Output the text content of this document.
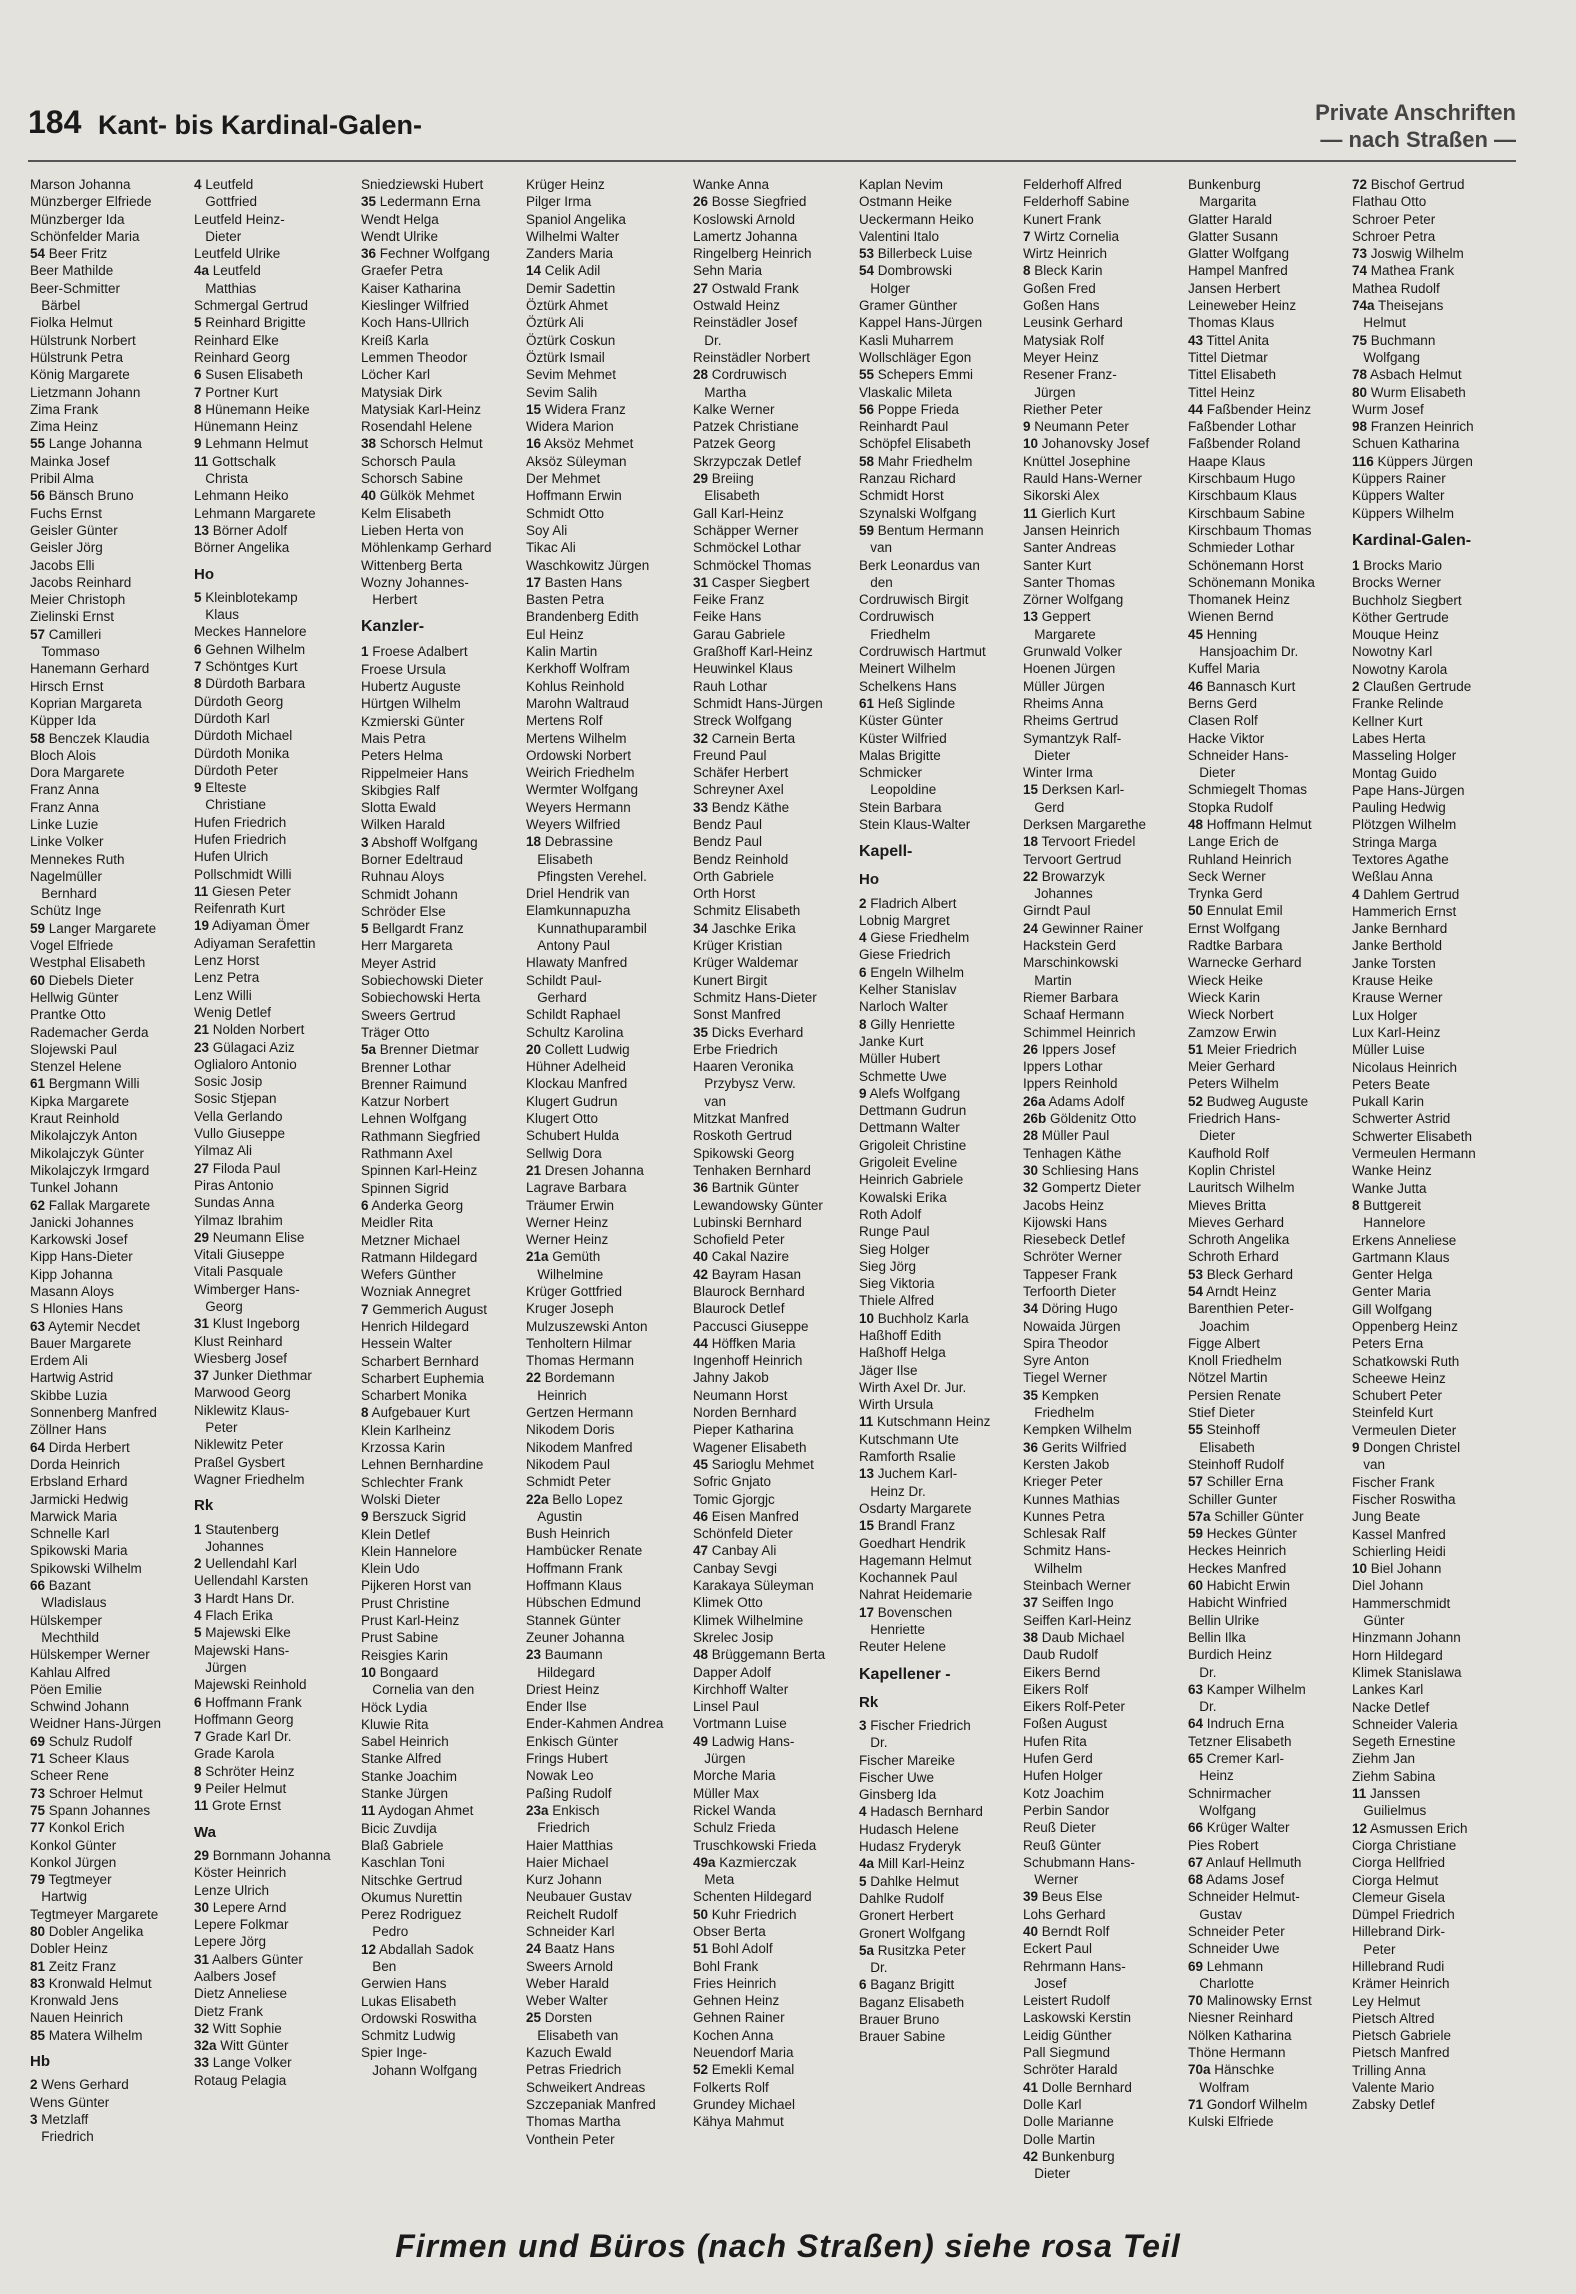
184 Kant- bis Kardinal-Galen-	Private Anschriften
— nach Straßen —
Marson Johanna
Münzberger Elfriede
Münzberger Ida
Schönfelder Maria
54 Beer Fritz
Beer Mathilde
Beer-Schmitter
Bärbel
Fiolka Helmut
Hülstrunk Norbert
Hülstrunk Petra
König Margarete
Lietzmann Johann
Zima Frank
Zima Heinz
55 Lange Johanna
Mainka Josef
Pribil Alma
56 Bänsch Bruno
Fuchs Ernst
Geisler Günter
Geisler Jörg
Jacobs Elli
Jacobs Reinhard
Meier Christoph
Zielinski Ernst
57 Camilleri
Tommaso
Hanemann Gerhard
Hirsch Ernst
Koprian Margareta
Küpper Ida
58 Benczek Klaudia
Bloch Alois
Dora Margarete
Franz Anna
Franz Anna
Linke Luzie
Linke Volker
Mennekes Ruth
Nagelmüller
Bernhard
Schütz Inge
59 Langer Margarete
Vogel Elfriede
Westphal Elisabeth
60 Diebels Dieter
Hellwig Günter
Prantke Otto
Rademacher Gerda
Slojewski Paul
Stenzel Helene
61 Bergmann Willi
Kipka Margarete
Kraut Reinhold
Mikolajczyk Anton
Mikolajczyk Günter
Mikolajczyk Irmgard
Tunkel Johann
62 Fallak Margarete
Janicki Johannes
Karkowski Josef
Kipp Hans-Dieter
Kipp Johanna
Masann Aloys
S Hlonies Hans
63 Aytemir Necdet
Bauer Margarete
Erdem Ali
Hartwig Astrid
Skibbe Luzia
Sonnenberg Manfred
Zöllner Hans
64 Dirda Herbert
Dorda Heinrich
Erbsland Erhard
Jarmicki Hedwig
Marwick Maria
Schnelle Karl
Spikowski Maria
Spikowski Wilhelm
66 Bazant
Wladislaus
Hülskemper
Mechthild
Hülskemper Werner
Kahlau Alfred
Pöen Emilie
Schwind Johann
Weidner Hans-Jürgen
69 Schulz Rudolf
71 Scheer Klaus
Scheer Rene
73 Schroer Helmut
75 Spann Johannes
77 Konkol Erich
Konkol Günter
Konkol Jürgen
79 Tegtmeyer
Hartwig
Tegtmeyer Margarete
80 Dobler Angelika
Dobler Heinz
81 Zeitz Franz
83 Kronwald Helmut
Kronwald Jens
Nauen Heinrich
85 Matera Wilhelm
Hb
2 Wens Gerhard
Wens Günter
3 Metzlaff
Friedrich
4 Leutfeld
Gottfried
Leutfeld Heinz-
Dieter
Leutfeld Ulrike
4a Leutfeld
Matthias
Schmergal Gertrud
5 Reinhard Brigitte
Reinhard Elke
Reinhard Georg
6 Susen Elisabeth
7 Portner Kurt
8 Hünemann Heike
Hünemann Heinz
9 Lehmann Helmut
11 Gottschalk
Christa
Lehmann Heiko
Lehmann Margarete
13 Börner Adolf
Börner Angelika
Ho
5 Kleinblotekamp
Klaus
Meckes Hannelore
6 Gehnen Wilhelm
7 Schöntges Kurt
8 Dürdoth Barbara
Dürdoth Georg
Dürdoth Karl
Dürdoth Michael
Dürdoth Monika
Dürdoth Peter
9 Elteste
Christiane
Hufen Friedrich
Hufen Friedrich
Hufen Ulrich
Pollschmidt Willi
11 Giesen Peter
Reifenrath Kurt
19 Adiyaman Ömer
Adiyaman Serafettin
Lenz Horst
Lenz Petra
Lenz Willi
Wenig Detlef
21 Nolden Norbert
23 Gülagaci Aziz
Oglialoro Antonio
Sosic Josip
Sosic Stjepan
Vella Gerlando
Vullo Giuseppe
Yilmaz Ali
27 Filoda Paul
Piras Antonio
Sundas Anna
Yilmaz Ibrahim
29 Neumann Elise
Vitali Giuseppe
Vitali Pasquale
Wimberger Hans-
Georg
31 Klust Ingeborg
Klust Reinhard
Wiesberg Josef
37 Junker Diethmar
Marwood Georg
Niklewitz Klaus-
Peter
Niklewitz Peter
Praßel Gysbert
Wagner Friedhelm
Rk
1 Stautenberg
Johannes
2 Uellendahl Karl
Uellendahl Karsten
3 Hardt Hans Dr.
4 Flach Erika
5 Majewski Elke
Majewski Hans-
Jürgen
Majewski Reinhold
6 Hoffmann Frank
Hoffmann Georg
7 Grade Karl Dr.
Grade Karola
8 Schröter Heinz
9 Peiler Helmut
11 Grote Ernst
Wa
29 Bornmann Johanna
Köster Heinrich
Lenze Ulrich
30 Lepere Arnd
Lepere Folkmar
Lepere Jörg
31 Aalbers Günter
Aalbers Josef
Dietz Anneliese
Dietz Frank
32 Witt Sophie
32a Witt Günter
33 Lange Volker
Rotaug Pelagia
Sniedziewski Hubert
35 Ledermann Erna
Wendt Helga
Wendt Ulrike
36 Fechner Wolfgang
Graefer Petra
Kaiser Katharina
Kieslinger Wilfried
Koch Hans-Ullrich
Kreiß Karla
Lemmen Theodor
Löcher Karl
Matysiak Dirk
Matysiak Karl-Heinz
Rosendahl Helene
38 Schorsch Helmut
Schorsch Paula
Schorsch Sabine
40 Gülkök Mehmet
Kelm Elisabeth
Lieben Herta von
Möhlenkamp Gerhard
Wittenberg Berta
Wozny Johannes-
Herbert
Kanzler-
1 Froese Adalbert
Froese Ursula
Hubertz Auguste
Hürtgen Wilhelm
Kzmierski Günter
Mais Petra
Peters Helma
Rippelmeier Hans
Skibgies Ralf
Slotta Ewald
Wilken Harald
3 Abshoff Wolfgang
Borner Edeltraud
Ruhnau Aloys
Schmidt Johann
Schröder Else
5 Bellgardt Franz
Herr Margareta
Meyer Astrid
Sobiechowski Dieter
Sobiechowski Herta
Sweers Gertrud
Träger Otto
5a Brenner Dietmar
Brenner Lothar
Brenner Raimund
Katzur Norbert
Lehnen Wolfgang
Rathmann Siegfried
Rathmann Axel
Spinnen Karl-Heinz
Spinnen Sigrid
6 Anderka Georg
Meidler Rita
Metzner Michael
Ratmann Hildegard
Wefers Günther
Wozniak Annegret
7 Gemmerich August
Henrich Hildegard
Hessein Walter
Scharbert Bernhard
Scharbert Euphemia
Scharbert Monika
8 Aufgebauer Kurt
Klein Karlheinz
Krzossa Karin
Lehnen Bernhardine
Schlechter Frank
Wolski Dieter
9 Berszuck Sigrid
Klein Detlef
Klein Hannelore
Klein Udo
Pijkeren Horst van
Prust Christine
Prust Karl-Heinz
Prust Sabine
Reisgies Karin
10 Bongaard
Cornelia van den
Höck Lydia
Kluwie Rita
Sabel Heinrich
Stanke Alfred
Stanke Joachim
Stanke Jürgen
11 Aydogan Ahmet
Bicic Zuvdija
Blaß Gabriele
Kaschlan Toni
Nitschke Gertrud
Okumus Nurettin
Perez Rodriguez
Pedro
12 Abdallah Sadok
Ben
Gerwien Hans
Lukas Elisabeth
Ordowski Roswitha
Schmitz Ludwig
Spier Inge-
Johann Wolfgang
Krüger Heinz
Pilger Irma
Spaniol Angelika
Wilhelmi Walter
Zanders Maria
14 Celik Adil
Demir Sadettin
Öztürk Ahmet
Öztürk Ali
Öztürk Coskun
Öztürk Ismail
Sevim Mehmet
Sevim Salih
15 Widera Franz
Widera Marion
16 Aksöz Mehmet
Aksöz Süleyman
Der Mehmet
Hoffmann Erwin
Schmidt Otto
Soy Ali
Tikac Ali
Waschkowitz Jürgen
17 Basten Hans
Basten Petra
Brandenberg Edith
Eul Heinz
Kalin Martin
Kerkhoff Wolfram
Kohlus Reinhold
Marohn Waltraud
Mertens Rolf
Mertens Wilhelm
Ordowski Norbert
Weirich Friedhelm
Wermter Wolfgang
Weyers Hermann
Weyers Wilfried
18 Debrassine
Elisabeth
Pfingsten Verehel.
Driel Hendrik van
Elamkunnapuzha
Kunnathuparambil
Antony Paul
Hlawaty Manfred
Schildt Paul-
Gerhard
Schildt Raphael
Schultz Karolina
20 Collett Ludwig
Hühner Adelheid
Klockau Manfred
Klugert Gudrun
Klugert Otto
Schubert Hulda
Sellwig Dora
21 Dresen Johanna
Lagrave Barbara
Träumer Erwin
Werner Heinz
Werner Heinz
21a Gemüth
Wilhelmine
Krüger Gottfried
Kruger Joseph
Mulzuszewski Anton
Tenholtern Hilmar
Thomas Hermann
22 Bordemann
Heinrich
Gertzen Hermann
Nikodem Doris
Nikodem Manfred
Nikodem Paul
Schmidt Peter
22a Bello Lopez
Agustin
Bush Heinrich
Hambücker Renate
Hoffmann Frank
Hoffmann Klaus
Hübschen Edmund
Stannek Günter
Zeuner Johanna
23 Baumann
Hildegard
Driest Heinz
Ender Ilse
Ender-Kahmen Andrea
Enkisch Günter
Frings Hubert
Nowak Leo
Paßing Rudolf
23a Enkisch
Friedrich
Haier Matthias
Haier Michael
Kurz Johann
Neubauer Gustav
Reichelt Rudolf
Schneider Karl
24 Baatz Hans
Sweers Arnold
Weber Harald
Weber Walter
25 Dorsten
Elisabeth van
Kazuch Ewald
Petras Friedrich
Schweikert Andreas
Szczepaniak Manfred
Thomas Martha
Vonthein Peter
Wanke Anna
26 Bosse Siegfried
Koslowski Arnold
Lamertz Johanna
Ringelberg Heinrich
Sehn Maria
27 Ostwald Frank
Ostwald Heinz
Reinstädler Josef
Dr.
Reinstädler Norbert
28 Cordruwisch
Martha
Kalke Werner
Patzek Christiane
Patzek Georg
Skrzypczak Detlef
29 Breiing
Elisabeth
Gall Karl-Heinz
Schäpper Werner
Schmöckel Lothar
Schmöckel Thomas
31 Casper Siegbert
Feike Franz
Feike Hans
Garau Gabriele
Graßhoff Karl-Heinz
Heuwinkel Klaus
Rauh Lothar
Schmidt Hans-Jürgen
Streck Wolfgang
32 Carnein Berta
Freund Paul
Schäfer Herbert
Schreyner Axel
33 Bendz Käthe
Bendz Paul
Bendz Paul
Bendz Reinhold
Orth Gabriele
Orth Horst
Schmitz Elisabeth
34 Jaschke Erika
Krüger Kristian
Krüger Waldemar
Kunert Birgit
Schmitz Hans-Dieter
Sonst Manfred
35 Dicks Everhard
Erbe Friedrich
Haaren Veronika
Przybysz Verw.
van
Mitzkat Manfred
Roskoth Gertrud
Spikowski Georg
Tenhaken Bernhard
36 Bartnik Günter
Lewandowsky Günter
Lubinski Bernhard
Schofield Peter
40 Cakal Nazire
42 Bayram Hasan
Blaurock Bernhard
Blaurock Detlef
Paccusci Giuseppe
44 Höffken Maria
Ingenhoff Heinrich
Jahny Jakob
Neumann Horst
Norden Bernhard
Pieper Katharina
Wagener Elisabeth
45 Sarioglu Mehmet
Sofric Gnjato
Tomic Gjorgjc
46 Eisen Manfred
Schönfeld Dieter
47 Canbay Ali
Canbay Sevgi
Karakaya Süleyman
Klimek Otto
Klimek Wilhelmine
Skrelec Josip
48 Brüggemann Berta
Dapper Adolf
Kirchhoff Walter
Linsel Paul
Vortmann Luise
49 Ladwig Hans-
Jürgen
Morche Maria
Müller Max
Rickel Wanda
Schulz Frieda
Truschkowski Frieda
49a Kazmierczak
Meta
Schenten Hildegard
50 Kuhr Friedrich
Obser Berta
51 Bohl Adolf
Bohl Frank
Fries Heinrich
Gehnen Heinz
Gehnen Rainer
Kochen Anna
Neuendorf Maria
52 Emekli Kemal
Folkerts Rolf
Grundey Michael
Kähya Mahmut
Kaplan Nevim
Ostmann Heike
Ueckermann Heiko
Valentini Italo
53 Billerbeck Luise
54 Dombrowski
Holger
Gramer Günther
Kappel Hans-Jürgen
Kasli Muharrem
Wollschläger Egon
55 Schepers Emmi
Vlaskalic Mileta
56 Poppe Frieda
Reinhardt Paul
Schöpfel Elisabeth
58 Mahr Friedhelm
Ranzau Richard
Schmidt Horst
Szynalski Wolfgang
59 Bentum Hermann
van
Berk Leonardus van
den
Cordruwisch Birgit
Cordruwisch
Friedhelm
Cordruwisch Hartmut
Meinert Wilhelm
Schelkens Hans
61 Heß Siglinde
Küster Günter
Küster Wilfried
Malas Brigitte
Schmicker
Leopoldine
Stein Barbara
Stein Klaus-Walter
Kapell-
Ho
2 Fladrich Albert
Lobnig Margret
4 Giese Friedhelm
Giese Friedrich
6 Engeln Wilhelm
Kelher Stanislav
Narloch Walter
8 Gilly Henriette
Janke Kurt
Müller Hubert
Schmette Uwe
9 Alefs Wolfgang
Dettmann Gudrun
Dettmann Walter
Grigoleit Christine
Grigoleit Eveline
Heinrich Gabriele
Kowalski Erika
Roth Adolf
Runge Paul
Sieg Holger
Sieg Jörg
Sieg Viktoria
Thiele Alfred
10 Buchholz Karla
Haßhoff Edith
Haßhoff Helga
Jäger Ilse
Wirth Axel Dr. Jur.
Wirth Ursula
11 Kutschmann Heinz
Kutschmann Ute
Ramforth Rsalie
13 Juchem Karl-
Heinz Dr.
Osdarty Margarete
15 Brandl Franz
Goedhart Hendrik
Hagemann Helmut
Kochannek Paul
Nahrat Heidemarie
17 Bovenschen
Henriette
Reuter Helene
Kapellener -
Rk
3 Fischer Friedrich
Dr.
Fischer Mareike
Fischer Uwe
Ginsberg Ida
4 Hadasch Bernhard
Hudasch Helene
Hudasz Fryderyk
4a Mill Karl-Heinz
5 Dahlke Helmut
Dahlke Rudolf
Gronert Herbert
Gronert Wolfgang
5a Rusitzka Peter
Dr.
6 Baganz Brigitt
Baganz Elisabeth
Brauer Bruno
Brauer Sabine
Felderhoff Alfred
Felderhoff Sabine
Kunert Frank
7 Wirtz Cornelia
Wirtz Heinrich
8 Bleck Karin
Goßen Fred
Goßen Hans
Leusink Gerhard
Matysiak Rolf
Meyer Heinz
Resener Franz-
Jürgen
Riether Peter
9 Neumann Peter
10 Johanovsky Josef
Knüttel Josephine
Rauld Hans-Werner
Sikorski Alex
11 Gierlich Kurt
Jansen Heinrich
Santer Andreas
Santer Kurt
Santer Thomas
Zörner Wolfgang
13 Geppert
Margarete
Grunwald Volker
Hoenen Jürgen
Müller Jürgen
Rheims Anna
Rheims Gertrud
Symantzyk Ralf-
Dieter
Winter Irma
15 Derksen Karl-
Gerd
Derksen Margarethe
18 Tervoort Friedel
Tervoort Gertrud
22 Browarzyk
Johannes
Girndt Paul
24 Gewinner Rainer
Hackstein Gerd
Marschinkowski
Martin
Riemer Barbara
Schaaf Hermann
Schimmel Heinrich
26 Ippers Josef
Ippers Lothar
Ippers Reinhold
26a Adams Adolf
26b Göldenitz Otto
28 Müller Paul
Tenhagen Käthe
30 Schliesing Hans
32 Gompertz Dieter
Jacobs Heinz
Kijowski Hans
Riesebeck Detlef
Schröter Werner
Tappeser Frank
Terfoorth Dieter
34 Döring Hugo
Nowaida Jürgen
Spira Theodor
Syre Anton
Tiegel Werner
35 Kempken
Friedhelm
Kempken Wilhelm
36 Gerits Wilfried
Kersten Jakob
Krieger Peter
Kunnes Mathias
Kunnes Petra
Schlesak Ralf
Schmitz Hans-
Wilhelm
Steinbach Werner
37 Seiffen Ingo
Seiffen Karl-Heinz
38 Daub Michael
Daub Rudolf
Eikers Bernd
Eikers Rolf
Eikers Rolf-Peter
Foßen August
Hufen Rita
Hufen Gerd
Hufen Holger
Kotz Joachim
Perbin Sandor
Reuß Dieter
Reuß Günter
Schubmann Hans-
Werner
39 Beus Else
Lohs Gerhard
40 Berndt Rolf
Eckert Paul
Rehrmann Hans-
Josef
Leistert Rudolf
Laskowski Kerstin
Leidig Günther
Pall Siegmund
Schröter Harald
41 Dolle Bernhard
Dolle Karl
Dolle Marianne
Dolle Martin
42 Bunkenburg
Dieter
Bunkenburg
Margarita
Glatter Harald
Glatter Susann
Glatter Wolfgang
Hampel Manfred
Jansen Herbert
Leineweber Heinz
Thomas Klaus
43 Tittel Anita
Tittel Dietmar
Tittel Elisabeth
Tittel Heinz
44 Faßbender Heinz
Faßbender Lothar
Faßbender Roland
Haape Klaus
Kirschbaum Hugo
Kirschbaum Klaus
Kirschbaum Sabine
Kirschbaum Thomas
Schmieder Lothar
Schönemann Horst
Schönemann Monika
Thomanek Heinz
Wienen Bernd
45 Henning
Hansjoachim Dr.
Kuffel Maria
46 Bannasch Kurt
Berns Gerd
Clasen Rolf
Hacke Viktor
Schneider Hans-
Dieter
Schmiegelt Thomas
Stopka Rudolf
48 Hoffmann Helmut
Lange Erich de
Ruhland Heinrich
Seck Werner
Trynka Gerd
50 Ennulat Emil
Ernst Wolfgang
Radtke Barbara
Warnecke Gerhard
Wieck Heike
Wieck Karin
Wieck Norbert
Zamzow Erwin
51 Meier Friedrich
Meier Gerhard
Peters Wilhelm
52 Budweg Auguste
Friedrich Hans-
Dieter
Kaufhold Rolf
Koplin Christel
Lauritsch Wilhelm
Mieves Britta
Mieves Gerhard
Schroth Angelika
Schroth Erhard
53 Bleck Gerhard
54 Arndt Heinz
Barenthien Peter-
Joachim
Figge Albert
Knoll Friedhelm
Nötzel Martin
Persien Renate
Stief Dieter
55 Steinhoff
Elisabeth
Steinhoff Rudolf
57 Schiller Erna
Schiller Gunter
57a Schiller Günter
59 Heckes Günter
Heckes Heinrich
Heckes Manfred
60 Habicht Erwin
Habicht Winfried
Bellin Ulrike
Bellin Ilka
Burdich Heinz
Dr.
63 Kamper Wilhelm
Dr.
64 Indruch Erna
Tetzner Elisabeth
65 Cremer Karl-
Heinz
Schnirmacher
Wolfgang
66 Krüger Walter
Pies Robert
67 Anlauf Hellmuth
68 Adams Josef
Schneider Helmut-
Gustav
Schneider Peter
Schneider Uwe
69 Lehmann
Charlotte
70 Malinowsky Ernst
Niesner Reinhard
Nölken Katharina
Thöne Hermann
70a Hänschke
Wolfram
71 Gondorf Wilhelm
Kulski Elfriede
72 Bischof Gertrud
Flathau Otto
Schroer Peter
Schroer Petra
73 Joswig Wilhelm
74 Mathea Frank
Mathea Rudolf
74a Theisejans
Helmut
75 Buchmann
Wolfgang
78 Asbach Helmut
80 Wurm Elisabeth
Wurm Josef
98 Franzen Heinrich
Schuen Katharina
116 Küppers Jürgen
Küppers Rainer
Küppers Walter
Küppers Wilhelm
Kardinal-Galen-
1 Brocks Mario
Brocks Werner
Buchholz Siegbert
Köther Gertrude
Mouque Heinz
Nowotny Karl
Nowotny Karola
2 Claußen Gertrude
Franke Relinde
Kellner Kurt
Labes Herta
Masseling Holger
Montag Guido
Pape Hans-Jürgen
Pauling Hedwig
Plötzgen Wilhelm
Stringa Marga
Textores Agathe
Weßlau Anna
4 Dahlem Gertrud
Hammerich Ernst
Janke Bernhard
Janke Berthold
Janke Torsten
Krause Heike
Krause Werner
Lux Holger
Lux Karl-Heinz
Müller Luise
Nicolaus Heinrich
Peters Beate
Pukall Karin
Schwerter Astrid
Schwerter Elisabeth
Vermeulen Hermann
Wanke Heinz
Wanke Jutta
8 Buttgereit
Hannelore
Erkens Anneliese
Gartmann Klaus
Genter Helga
Genter Maria
Gill Wolfgang
Oppenberg Heinz
Peters Erna
Schatkowski Ruth
Scheewe Heinz
Schubert Peter
Steinfeld Kurt
Vermeulen Dieter
9 Dongen Christel
van
Fischer Frank
Fischer Roswitha
Jung Beate
Kassel Manfred
Schierling Heidi
10 Biel Johann
Diel Johann
Hammerschmidt
Günter
Hinzmann Johann
Horn Hildegard
Klimek Stanislawa
Lankes Karl
Nacke Detlef
Schneider Valeria
Segeth Ernestine
Ziehm Jan
Ziehm Sabina
11 Janssen
Guilielmus
12 Asmussen Erich
Ciorga Christiane
Ciorga Hellfried
Ciorga Helmut
Clemeur Gisela
Dümpel Friedrich
Hillebrand Dirk-
Peter
Hillebrand Rudi
Krämer Heinrich
Ley Helmut
Pietsch Altred
Pietsch Gabriele
Pietsch Manfred
Trilling Anna
Valente Mario
Zabsky Detlef
Firmen und Büros (nach Straßen) siehe rosa Teil
